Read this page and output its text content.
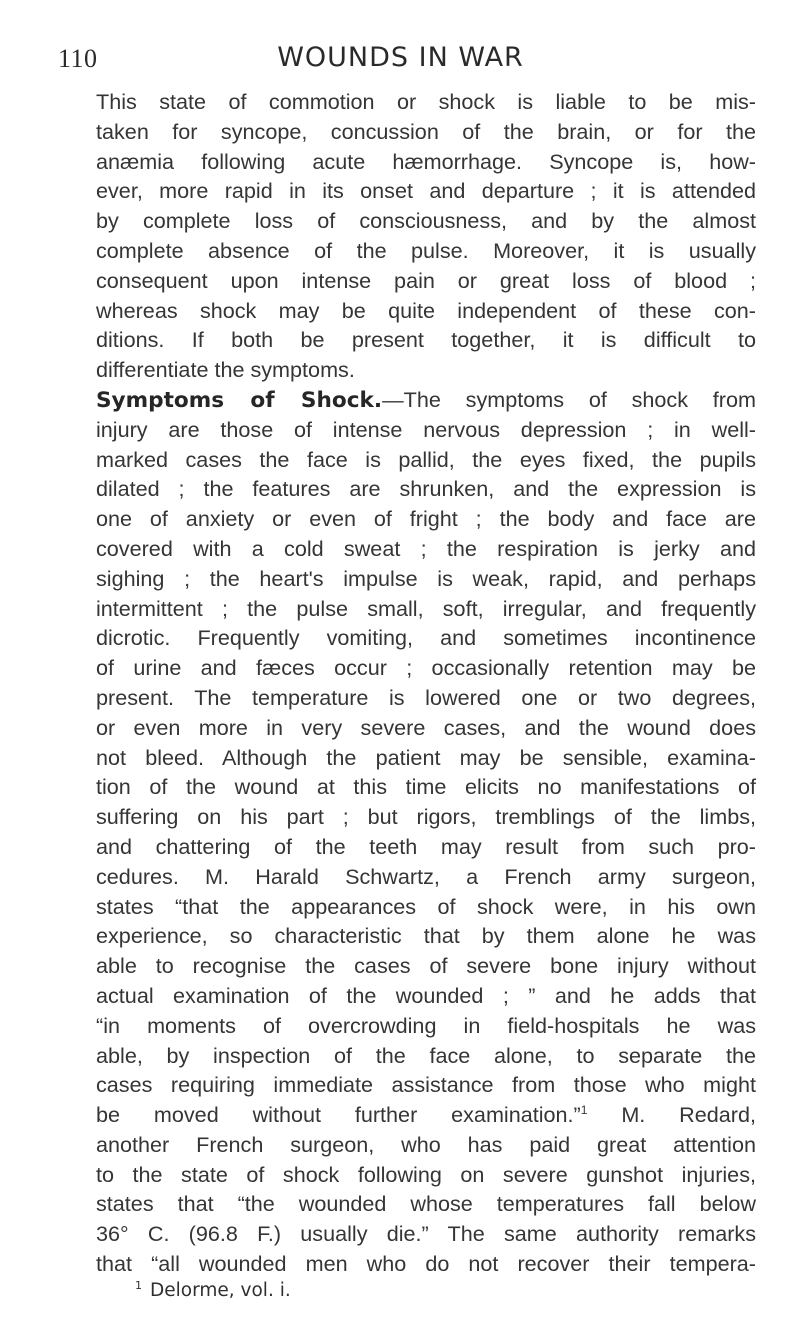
110	WOUNDS IN WAR
This state of commotion or shock is liable to be mis-
taken for syncope, concussion of the brain, or for the
anæmia following acute hæmorrhage. Syncope is, how-
ever, more rapid in its onset and departure ; it is attended
by complete loss of consciousness, and by the almost
complete absence of the pulse. Moreover, it is usually
consequent upon intense pain or great loss of blood ;
whereas shock may be quite independent of these con-
ditions. If both be present together, it is difficult to
differentiate the symptoms.
Symptoms of Shock.—The symptoms of shock from
injury are those of intense nervous depression ; in well-
marked cases the face is pallid, the eyes fixed, the pupils
dilated ; the features are shrunken, and the expression is
one of anxiety or even of fright ; the body and face are
covered with a cold sweat ; the respiration is jerky and
sighing ; the heart's impulse is weak, rapid, and perhaps
intermittent ; the pulse small, soft, irregular, and frequently
dicrotic. Frequently vomiting, and sometimes incontinence
of urine and fæces occur ; occasionally retention may be
present. The temperature is lowered one or two degrees,
or even more in very severe cases, and the wound does
not bleed. Although the patient may be sensible, examina-
tion of the wound at this time elicits no manifestations of
suffering on his part ; but rigors, tremblings of the limbs,
and chattering of the teeth may result from such pro-
cedures. M. Harald Schwartz, a French army surgeon,
states “that the appearances of shock were, in his own
experience, so characteristic that by them alone he was
able to recognise the cases of severe bone injury without
actual examination of the wounded ; ” and he adds that
“in moments of overcrowding in field-hospitals he was
able, by inspection of the face alone, to separate the
cases requiring immediate assistance from those who might
be moved without further examination.”$^1$ M. Redard,
another French surgeon, who has paid great attention
to the state of shock following on severe gunshot injuries,
states that “the wounded whose temperatures fall below
36° C. (96.8 F.) usually die.” The same authority remarks
that “all wounded men who do not recover their tempera-
$^1$ Delorme, vol. i.
